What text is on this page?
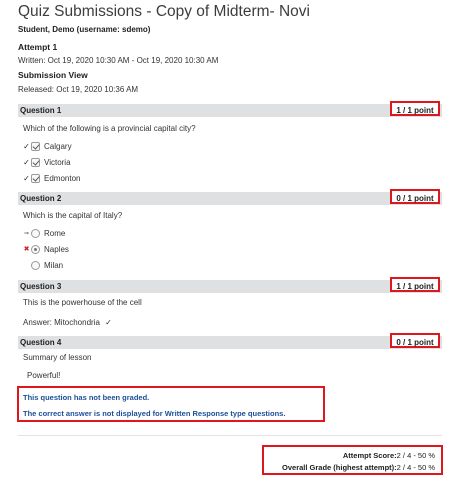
Quiz Submissions - Copy of Midterm- Novi
Student, Demo (username: sdemo)
Attempt 1
Written: Oct 19, 2020 10:30 AM - Oct 19, 2020 10:30 AM
Submission View
Released: Oct 19, 2020 10:36 AM
Question 1	1 / 1 point
Which of the following is a provincial capital city?
✓ Calgary
✓ Victoria
✓ Edmonton
Question 2	0 / 1 point
Which is the capital of Italy?
⇒ Rome
✖ Naples
Milan
Question 3	1 / 1 point
This is the powerhouse of the cell
Answer: Mitochondria ✓
Question 4	0 / 1 point
Summary of lesson
Powerful!
This question has not been graded.
The correct answer is not displayed for Written Response type questions.
Attempt Score:2 / 4 - 50 %
Overall Grade (highest attempt):2 / 4 - 50 %
